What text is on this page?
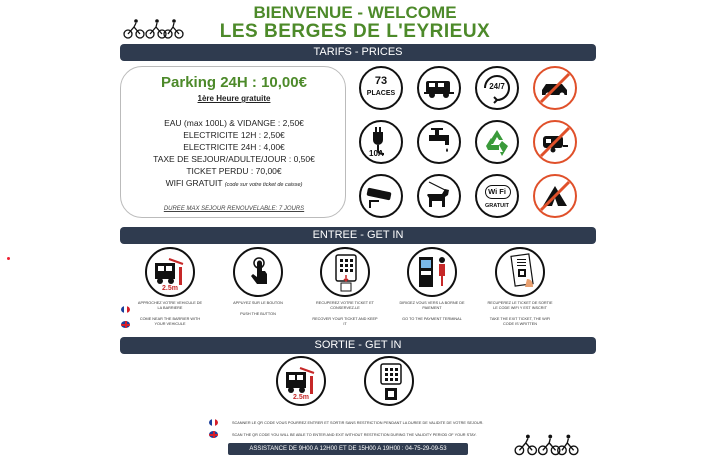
BIENVENUE - WELCOME
LES BERGES DE L'EYRIEUX
TARIFS - PRICES
Parking 24H : 10,00€
1ère Heure gratuite
EAU (max 100L) & VIDANGE : 2,50€
ELECTRICITE 12H : 2,50€
ELECTRICITE 24H : 4,00€
TAXE DE SEJOUR/ADULTE/JOUR : 0,50€
TICKET PERDU : 70,00€
WIFI GRATUIT (code sur votre ticket de caisse)
DUREE MAX SEJOUR RENOUVELABLE: 7 JOURS
73
PLACES
24/7
10A
Wi Fi
GRATUIT
ENTREE - GET IN
2.5m
APPROCHEZ VOTRE VEHICULE DE LA BARRIERE
COME NEAR THE BARRIER WITH YOUR VEHICULE
APPUYEZ SUR LE BOUTON
PUSH THE BUTTON
RECUPEREZ VOTRE TICKET ET CONSERVEZ-LE
RECOVER YOUR TICKET AND KEEP IT
DIRIGEZ VOUS VERS LA BORNE DE PAIEMENT
GO TO THE PAYMENT TERMINAL
RECUPEREZ LE TICKET DE SORTIE LE CODE WIFI Y EST INSCRIT
TAKE THE EXIT TICKET, THE WIFI CODE IS WRITTEN
SORTIE - GET IN
2.5m
SCANNER LE QR CODE VOUS POURREZ ENTRER ET SORTIR SANS RESTRICTION PENDANT LA DUREE DE VALIDITE DE VOTRE SEJOUR.
SCAN THE QR CODE YOU WILL BE ABLE TO ENTER AND EXIT WITHOUT RESTRICTION DURING THE VALIDITY PERIOD OF YOUR STAY.
ASSISTANCE DE 9H00 A 12H00 ET DE 15H00 A 19H00 : 04-75-29-09-53
